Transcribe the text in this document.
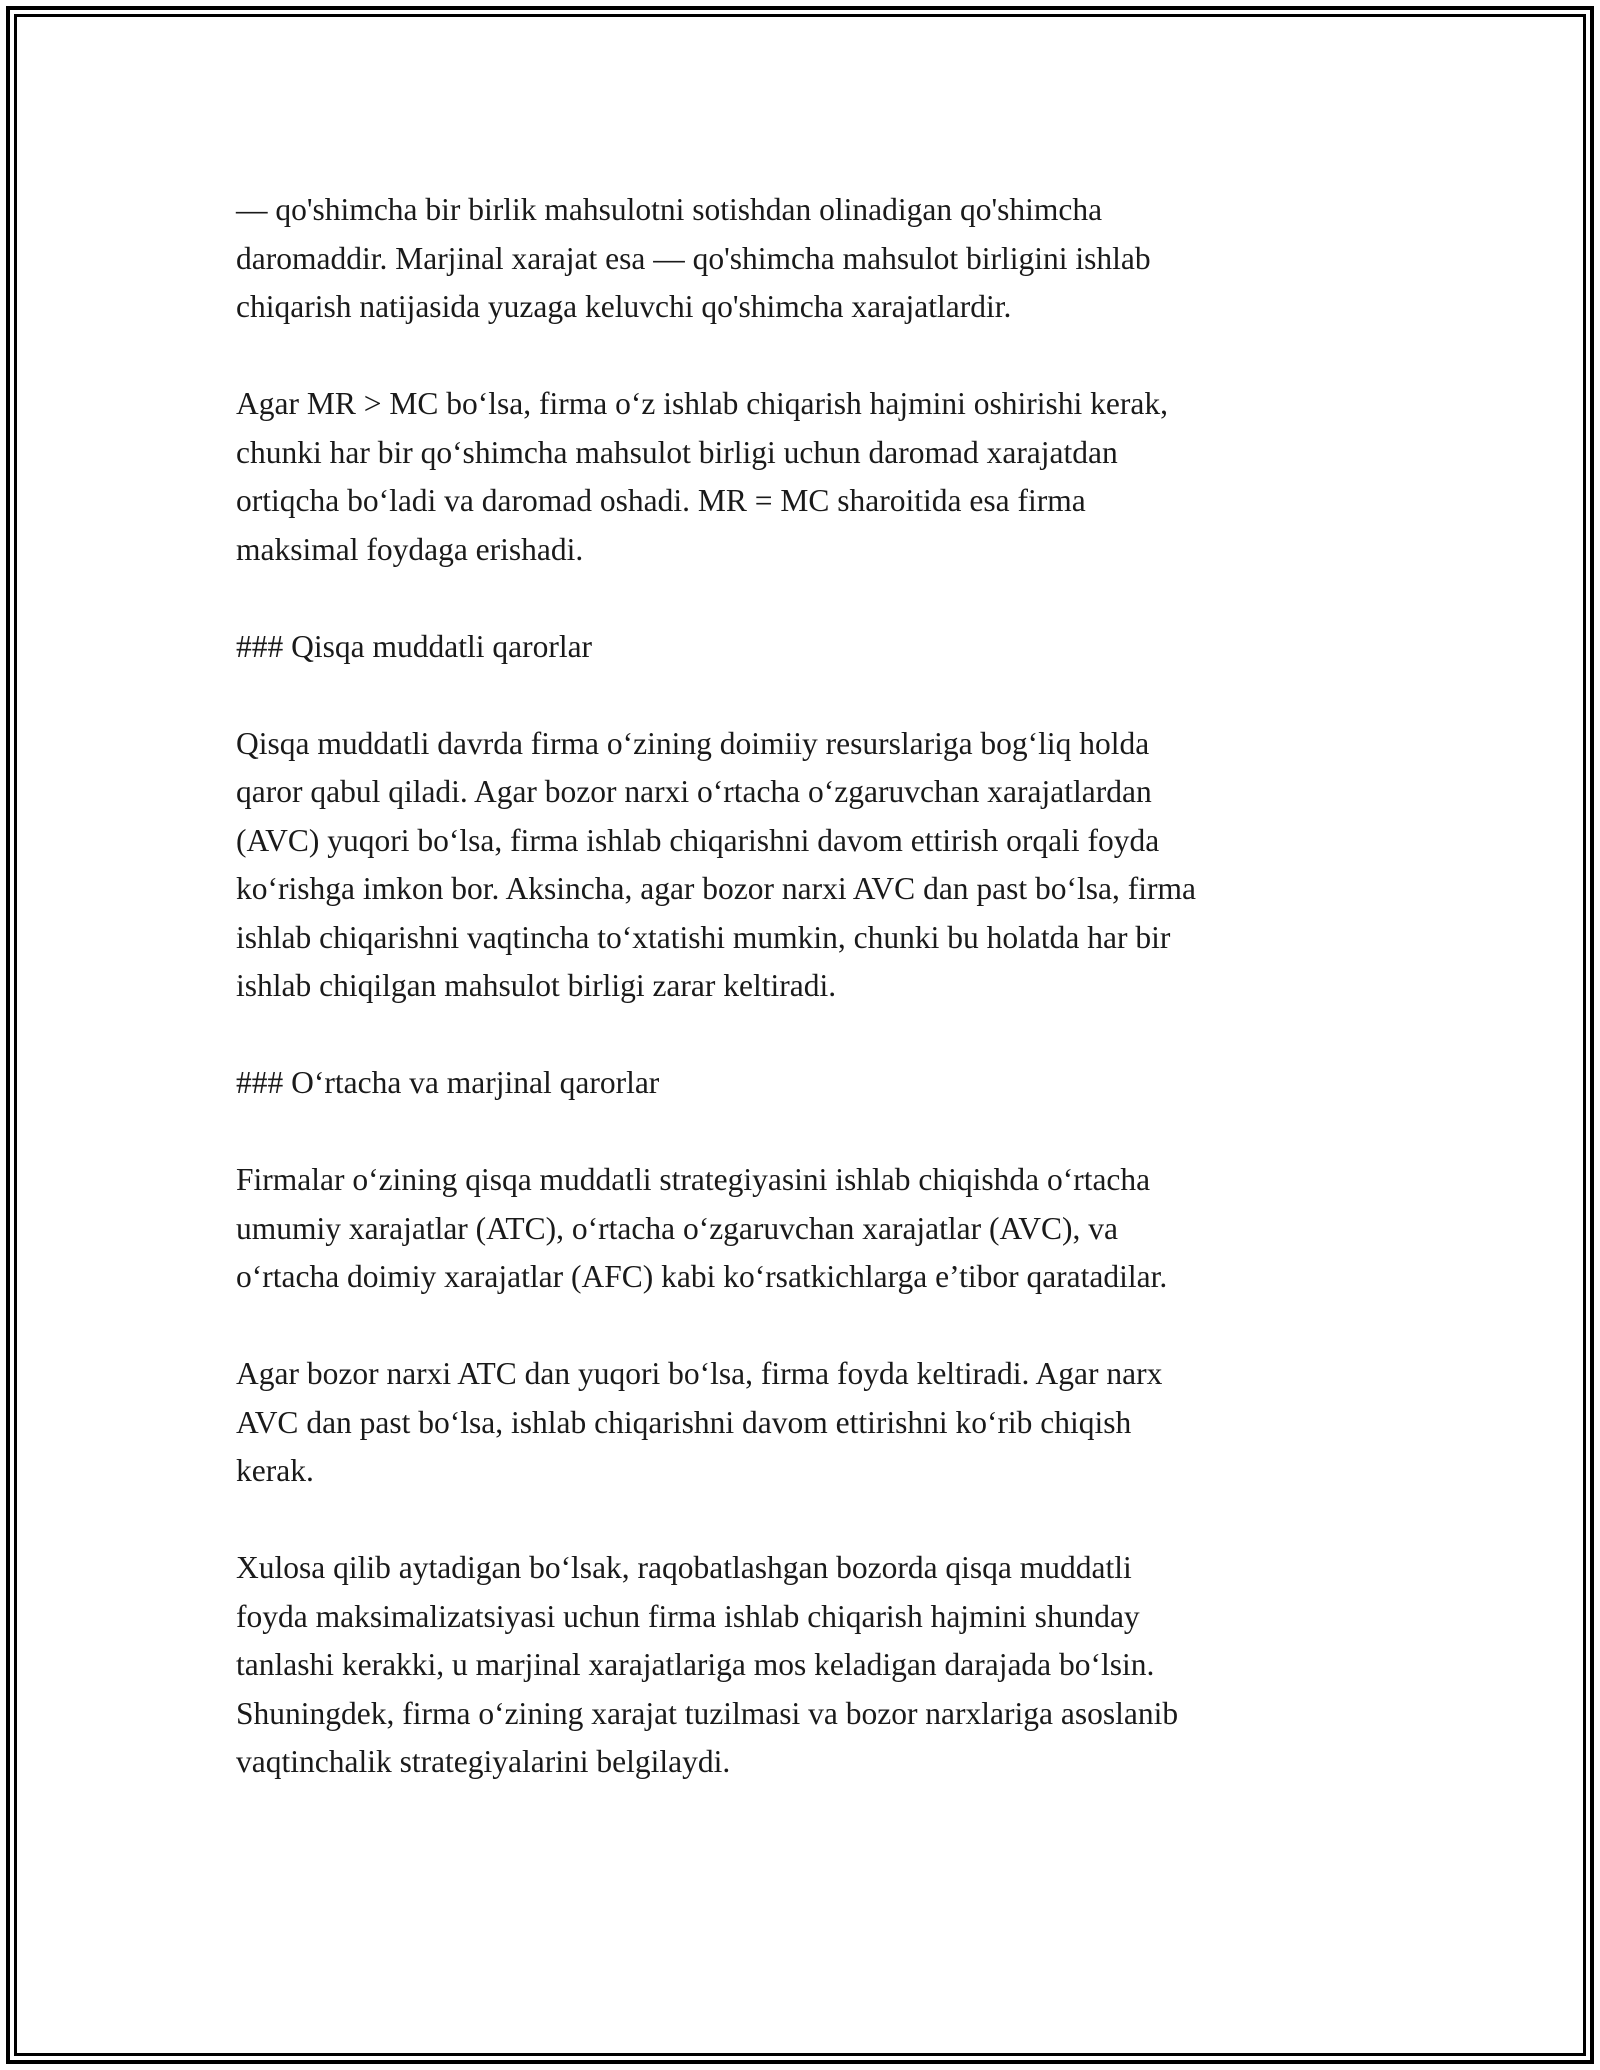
— qo'shimcha bir birlik mahsulotni sotishdan olinadigan qo'shimcha
daromaddir. Marjinal xarajat esa — qo'shimcha mahsulot birligini ishlab
chiqarish natijasida yuzaga keluvchi qo'shimcha xarajatlardir.

Agar MR > MC bo‘lsa, firma o‘z ishlab chiqarish hajmini oshirishi kerak,
chunki har bir qo‘shimcha mahsulot birligi uchun daromad xarajatdan
ortiqcha bo‘ladi va daromad oshadi. MR = MC sharoitida esa firma
maksimal foydaga erishadi.

### Qisqa muddatli qarorlar

Qisqa muddatli davrda firma o‘zining doimiiy resurslariga bog‘liq holda
qaror qabul qiladi. Agar bozor narxi o‘rtacha o‘zgaruvchan xarajatlardan
(AVC) yuqori bo‘lsa, firma ishlab chiqarishni davom ettirish orqali foyda
ko‘rishga imkon bor. Aksincha, agar bozor narxi AVC dan past bo‘lsa, firma
ishlab chiqarishni vaqtincha to‘xtatishi mumkin, chunki bu holatda har bir
ishlab chiqilgan mahsulot birligi zarar keltiradi.

### O‘rtacha va marjinal qarorlar

Firmalar o‘zining qisqa muddatli strategiyasini ishlab chiqishda o‘rtacha
umumiy xarajatlar (ATC), o‘rtacha o‘zgaruvchan xarajatlar (AVC), va
o‘rtacha doimiy xarajatlar (AFC) kabi ko‘rsatkichlarga e’tibor qaratadilar.

Agar bozor narxi ATC dan yuqori bo‘lsa, firma foyda keltiradi. Agar narx
AVC dan past bo‘lsa, ishlab chiqarishni davom ettirishni ko‘rib chiqish
kerak.

Xulosa qilib aytadigan bo‘lsak, raqobatlashgan bozorda qisqa muddatli
foyda maksimalizatsiyasi uchun firma ishlab chiqarish hajmini shunday
tanlashi kerakki, u marjinal xarajatlariga mos keladigan darajada bo‘lsin.
Shuningdek, firma o‘zining xarajat tuzilmasi va bozor narxlariga asoslanib
vaqtinchalik strategiyalarini belgilaydi.
